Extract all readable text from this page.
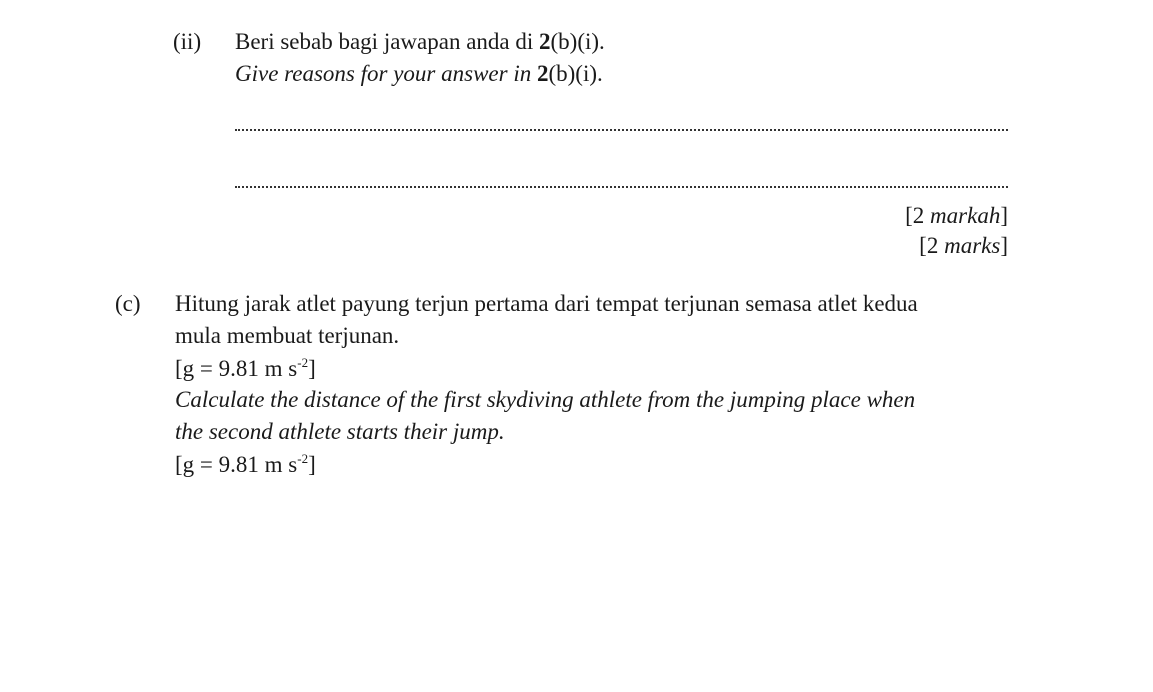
(ii) Beri sebab bagi jawapan anda di 2(b)(i).
Give reasons for your answer in 2(b)(i).
[2 markah]
[2 marks]
(c) Hitung jarak atlet payung terjun pertama dari tempat terjunan semasa atlet kedua
mula membuat terjunan.
[g = 9.81 m $s^{-2}$]
Calculate the distance of the first skydiving athlete from the jumping place when
the second athlete starts their jump.
[g = 9.81 m $s^{-2}$]
